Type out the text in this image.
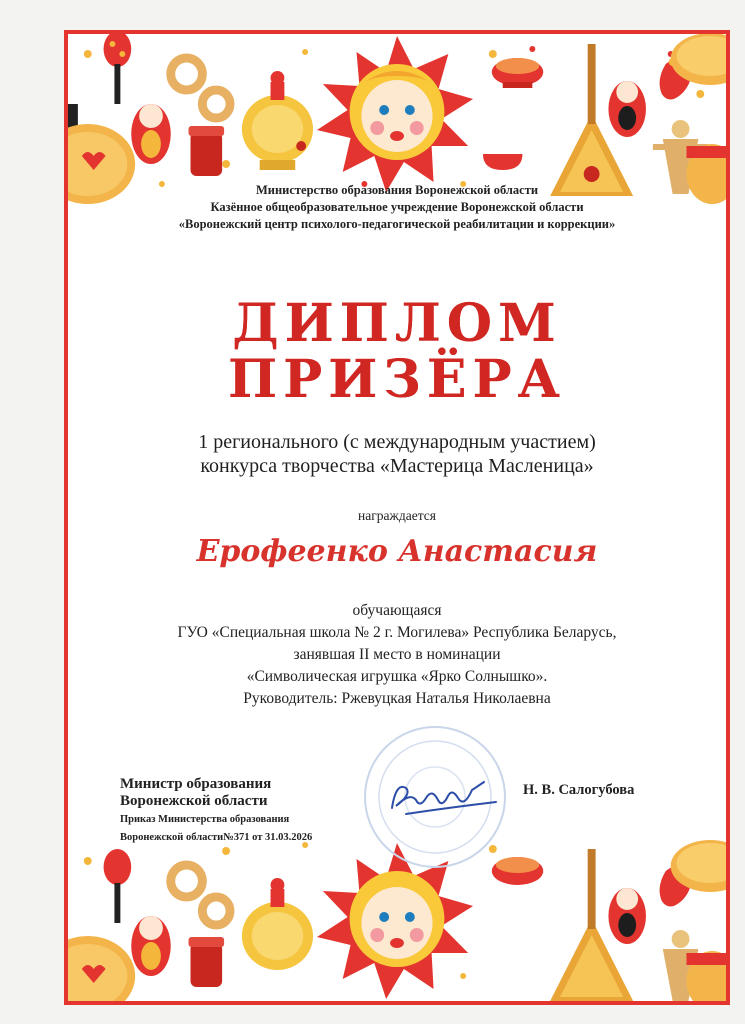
Министерство образования Воронежской области
Казённое общеобразовательное учреждение Воронежской области
«Воронежский центр психолого-педагогической реабилитации и коррекции»
ДИПЛОМ
ПРИЗЁРА
1 регионального (с международным участием)
конкурса творчества «Мастерица Масленица»
награждается
Ерофеенко Анастасия
обучающаяся
ГУО «Специальная школа № 2 г. Могилева» Республика Беларусь,
занявшая II место в номинации
«Символическая игрушка «Ярко Солнышко».
Руководитель: Ржевуцкая Наталья Николаевна
Министр образования
Воронежской области
Приказ Министерства образования
Воронежской области№371 от 31.03.2026
Н. В. Салогубова
